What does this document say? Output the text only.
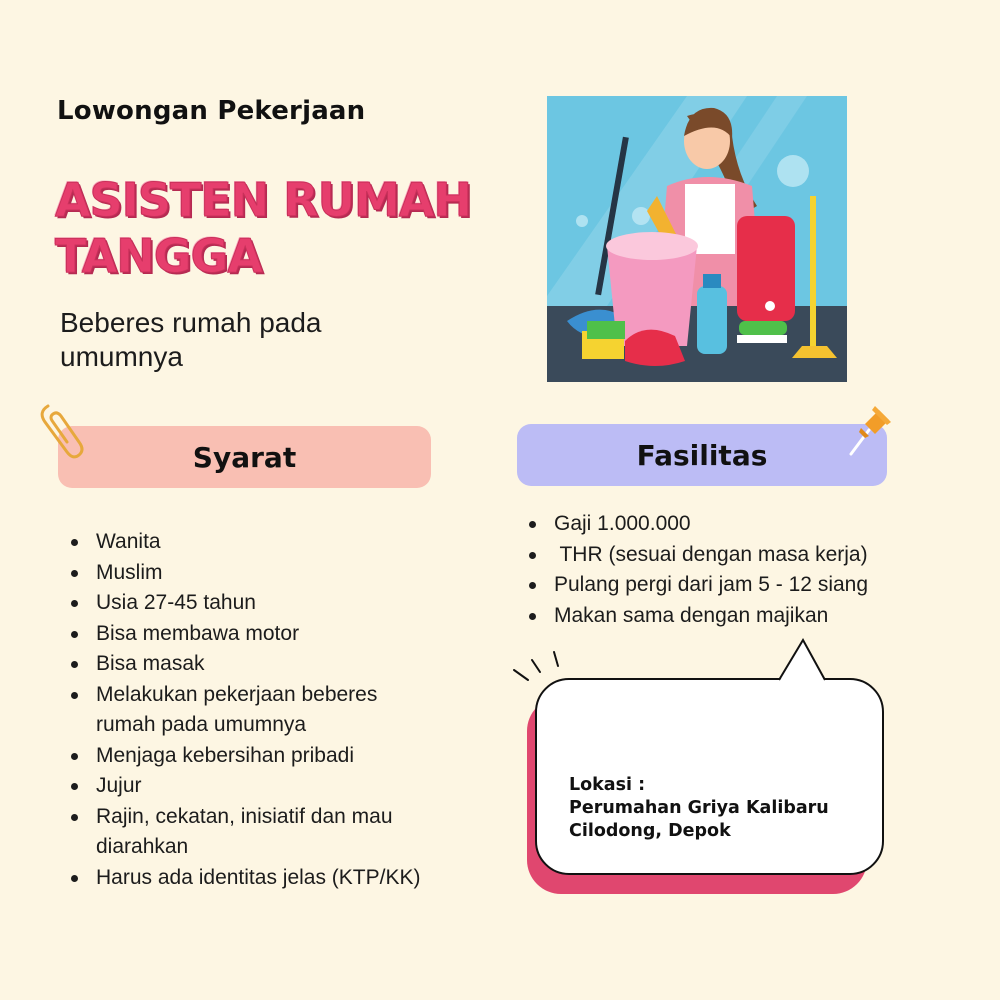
Lowongan Pekerjaan
ASISTEN RUMAH
TANGGA
Beberes rumah pada umumnya
Syarat	Fasilitas
Wanita
Muslim
Usia 27-45 tahun
Bisa membawa motor
Bisa masak
Melakukan pekerjaan beberes rumah pada umumnya
Menjaga kebersihan pribadi
Jujur
Rajin, cekatan, inisiatif dan mau diarahkan
Harus ada identitas jelas (KTP/KK)
Gaji 1.000.000
THR (sesuai dengan masa kerja)
Pulang pergi dari jam 5 - 12 siang
Makan sama dengan majikan
Lokasi :
Perumahan Griya Kalibaru
Cilodong, Depok
